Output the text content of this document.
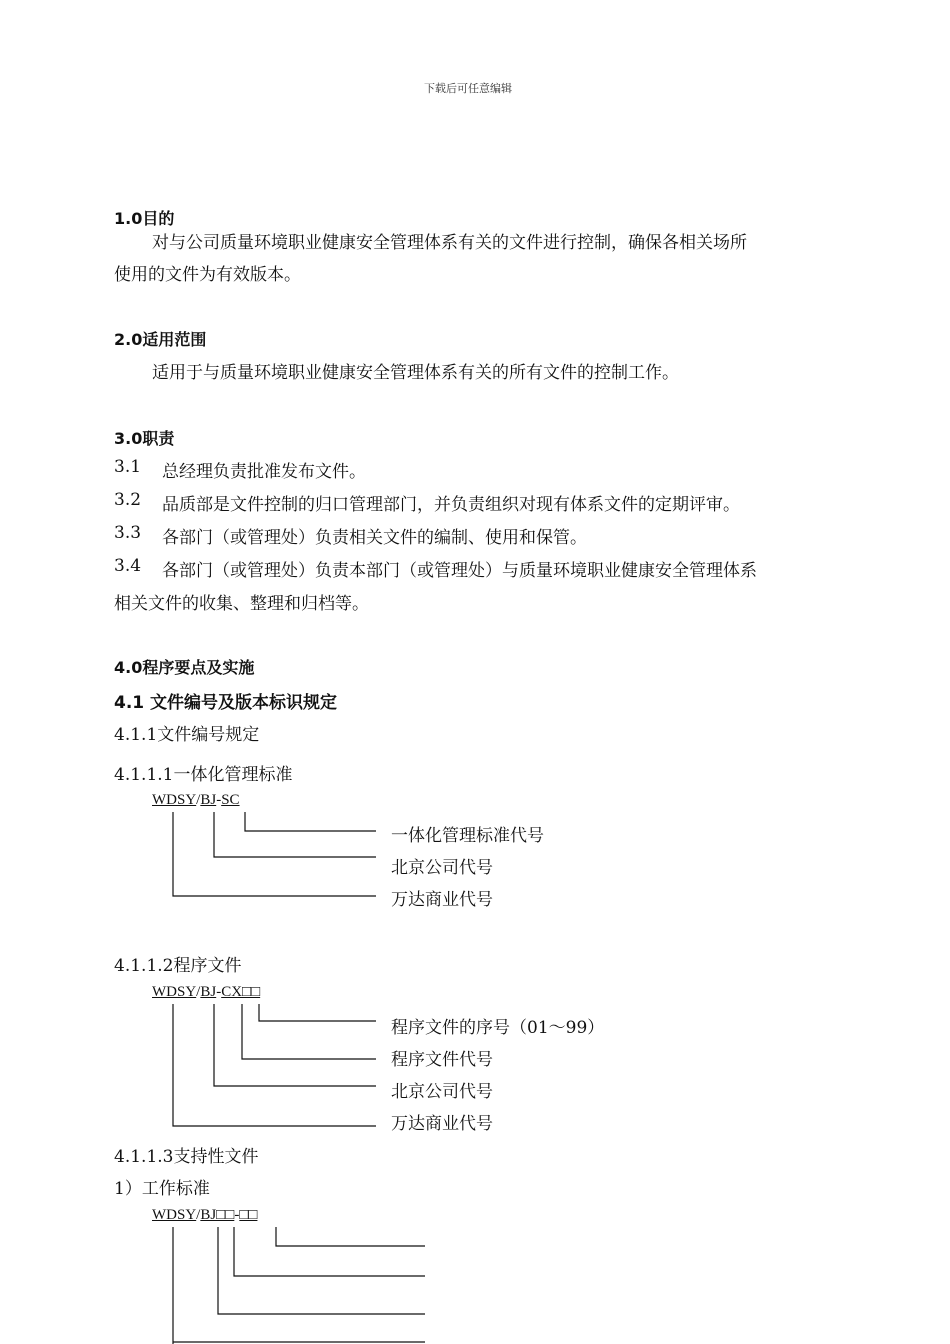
下载后可任意编辑
1.0目的
对与公司质量环境职业健康安全管理体系有关的文件进行控制，确保各相关场所
使用的文件为有效版本。
2.0适用范围
适用于与质量环境职业健康安全管理体系有关的所有文件的控制工作。
3.0职责
3.1 总经理负责批准发布文件。
3.2 品质部是文件控制的归口管理部门，并负责组织对现有体系文件的定期评审。
3.3 各部门（或管理处）负责相关文件的编制、使用和保管。
3.4 各部门（或管理处）负责本部门（或管理处）与质量环境职业健康安全管理体系
相关文件的收集、整理和归档等。
4.0程序要点及实施
4.1 文件编号及版本标识规定
4.1.1文件编号规定
4.1.1.1一体化管理标准
WDSY/BJ-SC
一体化管理标准代号
北京公司代号
万达商业代号
4.1.1.2程序文件
WDSY/BJ-CX□□
程序文件的序号（01～99）
程序文件代号
北京公司代号
万达商业代号
4.1.1.3支持性文件
1）工作标准
WDSY/BJ□□-□□
